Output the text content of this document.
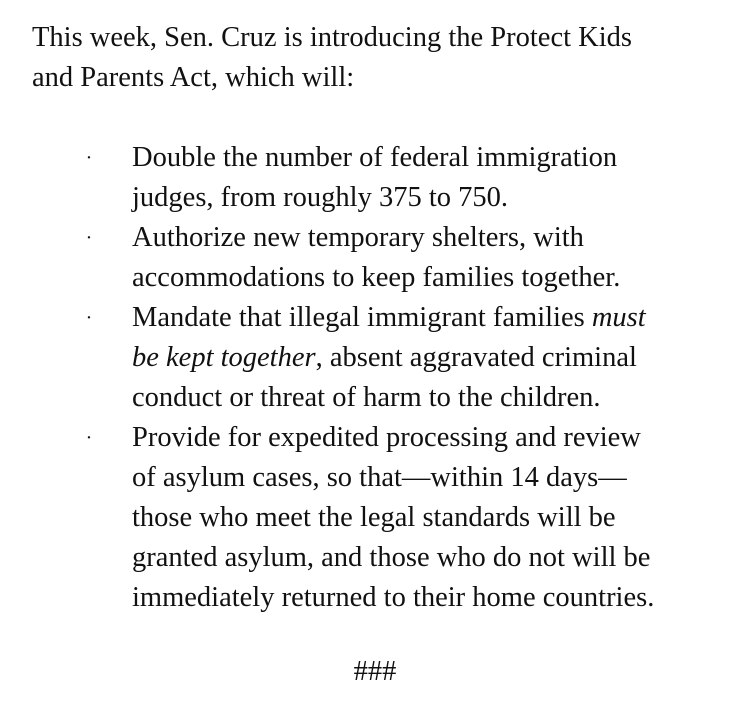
This week, Sen. Cruz is introducing the Protect Kids
and Parents Act, which will:

· Double the number of federal immigration
judges, from roughly 375 to 750.
· Authorize new temporary shelters, with
accommodations to keep families together.
· Mandate that illegal immigrant families must
be kept together, absent aggravated criminal
conduct or threat of harm to the children.
· Provide for expedited processing and review
of asylum cases, so that—within 14 days—
those who meet the legal standards will be
granted asylum, and those who do not will be
immediately returned to their home countries.
###
